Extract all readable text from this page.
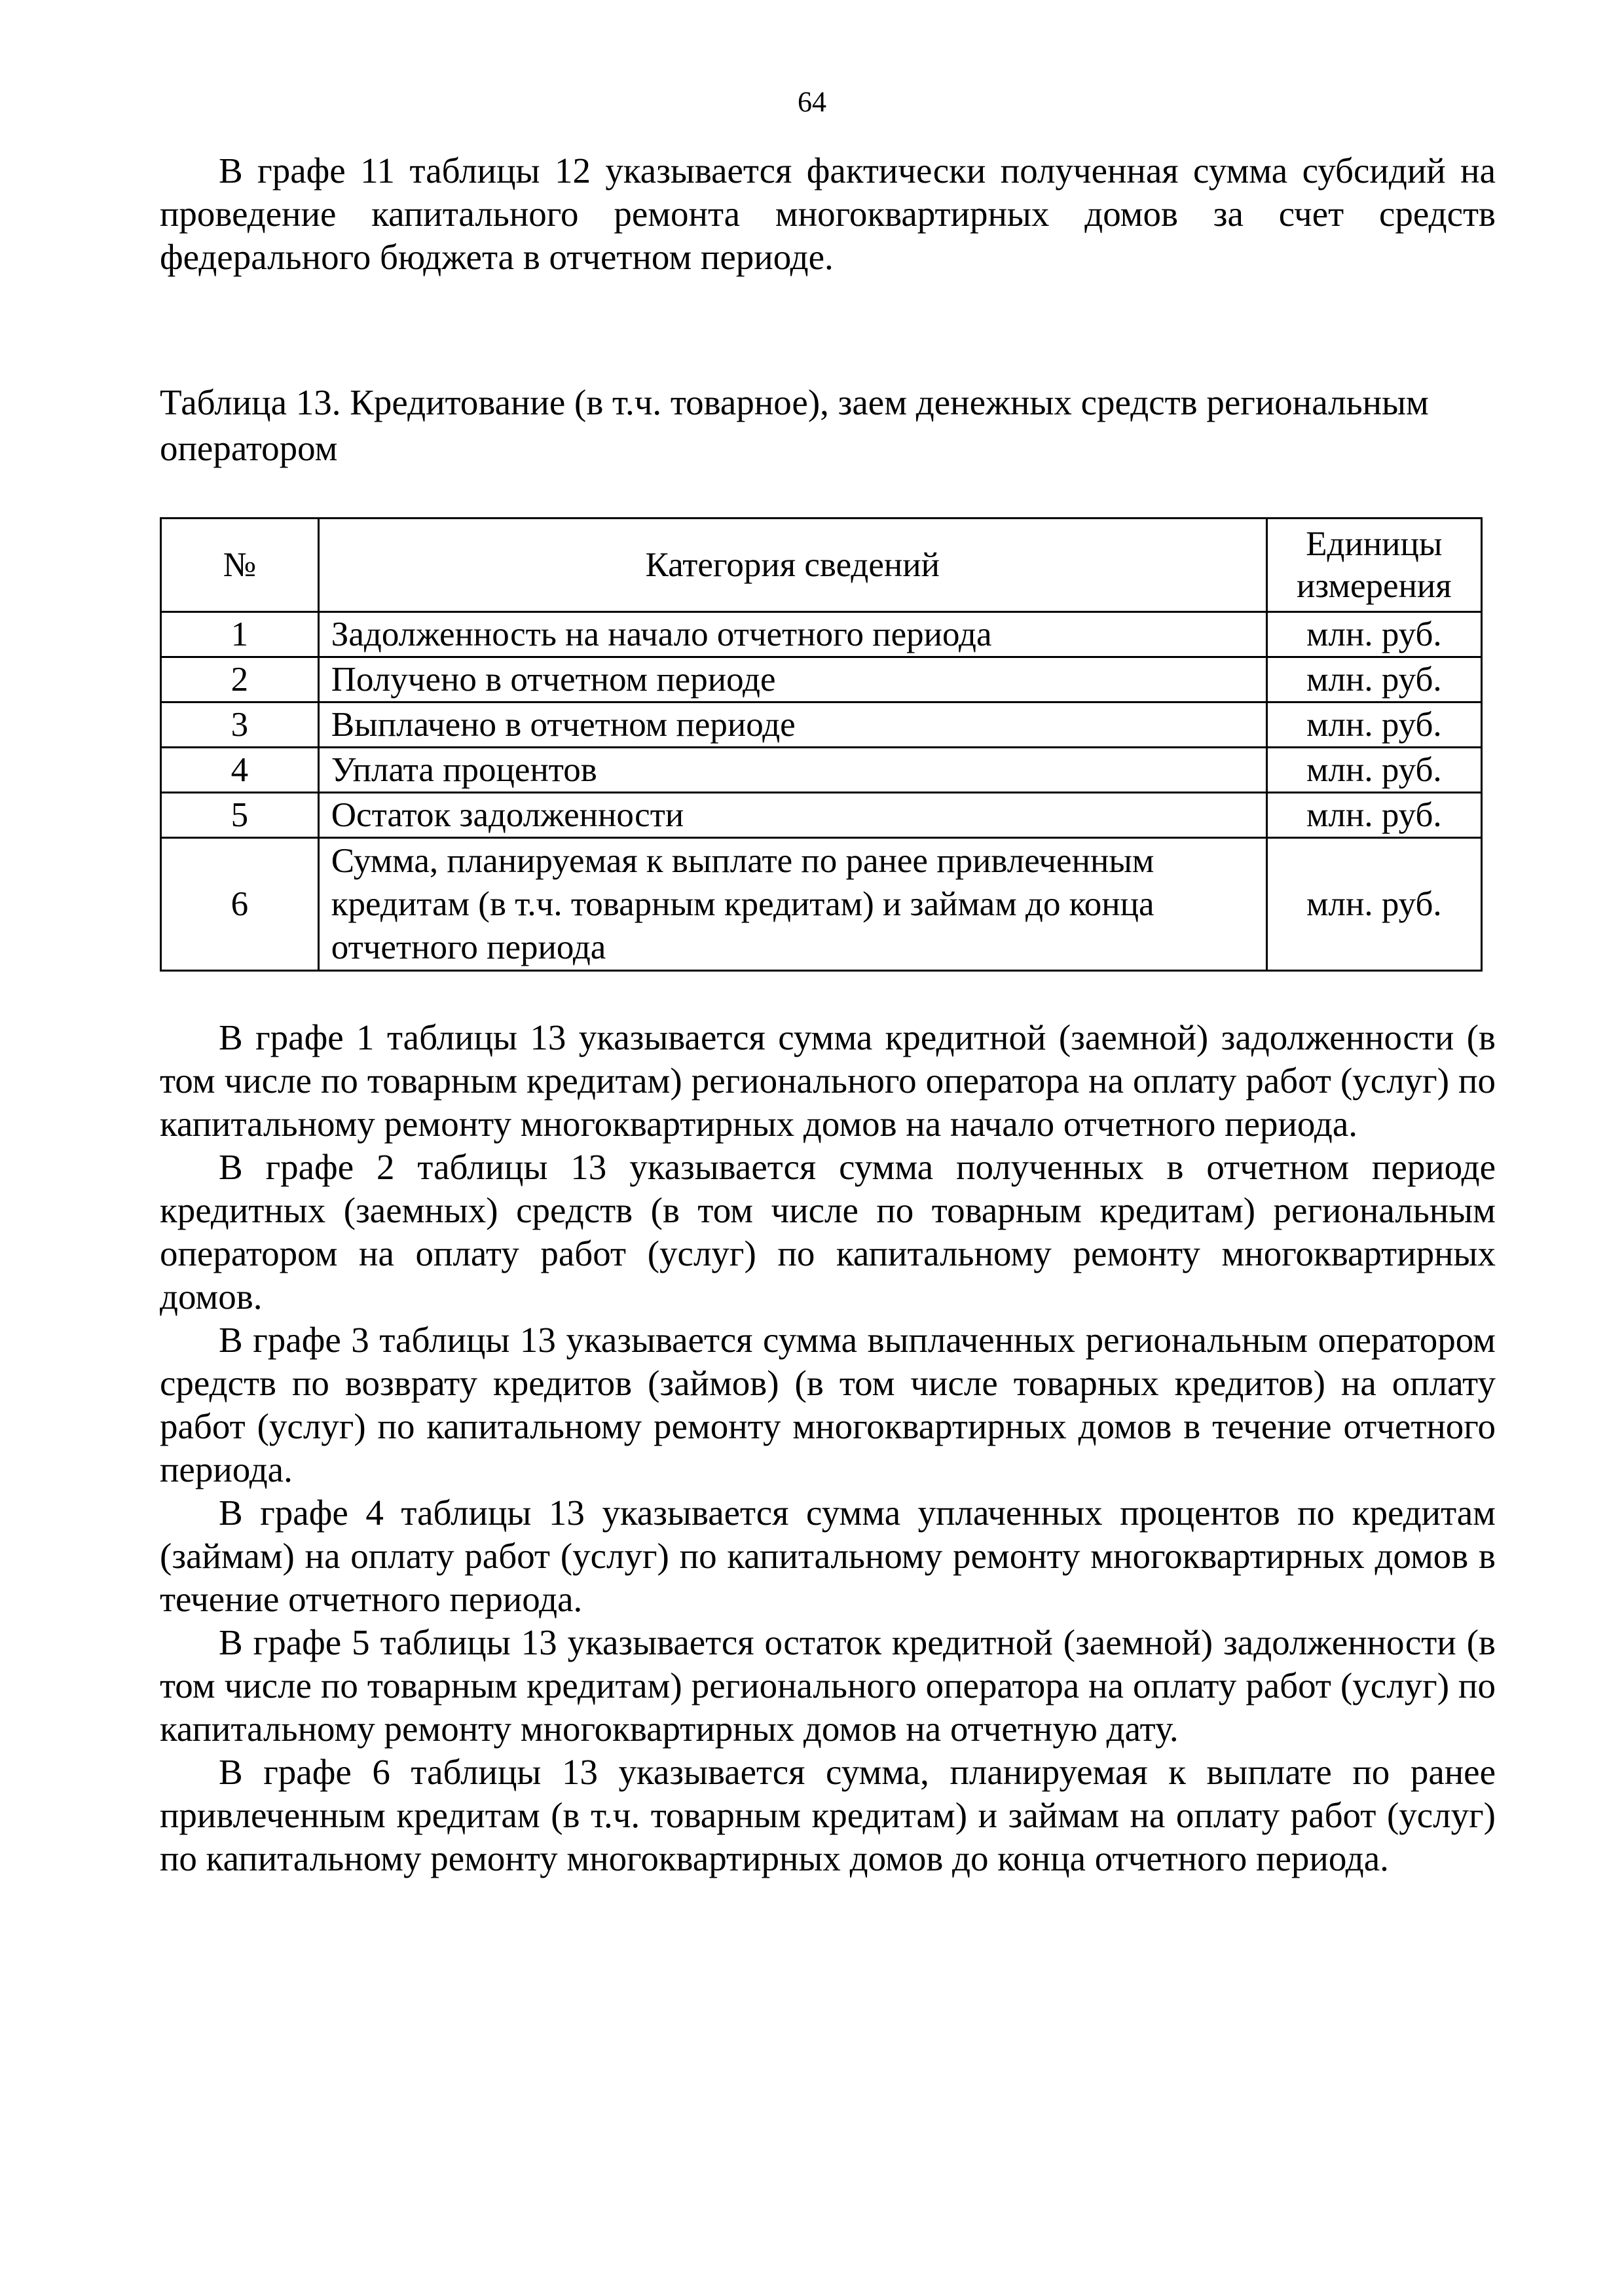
64

В графе 11 таблицы 12 указывается фактически полученная сумма субсидий на проведение капитального ремонта многоквартирных домов за счет средств федерального бюджета в отчетном периоде.

Таблица 13. Кредитование (в т.ч. товарное), заем денежных средств региональным оператором

№	Категория сведений	Единицы измерения
1	Задолженность на начало отчетного периода	млн. руб.
2	Получено в отчетном периоде	млн. руб.
3	Выплачено в отчетном периоде	млн. руб.
4	Уплата процентов	млн. руб.
5	Остаток задолженности	млн. руб.
6	Сумма, планируемая к выплате по ранее привлеченным кредитам (в т.ч. товарным кредитам) и займам до конца отчетного периода	млн. руб.

В графе 1 таблицы 13 указывается сумма кредитной (заемной) задолженности (в том числе по товарным кредитам) регионального оператора на оплату работ (услуг) по капитальному ремонту многоквартирных домов на начало отчетного периода.

В графе 2 таблицы 13 указывается сумма полученных в отчетном периоде кредитных (заемных) средств (в том числе по товарным кредитам) региональным оператором на оплату работ (услуг) по капитальному ремонту многоквартирных домов.

В графе 3 таблицы 13 указывается сумма выплаченных региональным оператором средств по возврату кредитов (займов) (в том числе товарных кредитов) на оплату работ (услуг) по капитальному ремонту многоквартирных домов в течение отчетного периода.

В графе 4 таблицы 13 указывается сумма уплаченных процентов по кредитам (займам) на оплату работ (услуг) по капитальному ремонту многоквартирных домов в течение отчетного периода.

В графе 5 таблицы 13 указывается остаток кредитной (заемной) задолженности (в том числе по товарным кредитам) регионального оператора на оплату работ (услуг) по капитальному ремонту многоквартирных домов на отчетную дату.

В графе 6 таблицы 13 указывается сумма, планируемая к выплате по ранее привлеченным кредитам (в т.ч. товарным кредитам) и займам на оплату работ (услуг) по капитальному ремонту многоквартирных домов до конца отчетного периода.
